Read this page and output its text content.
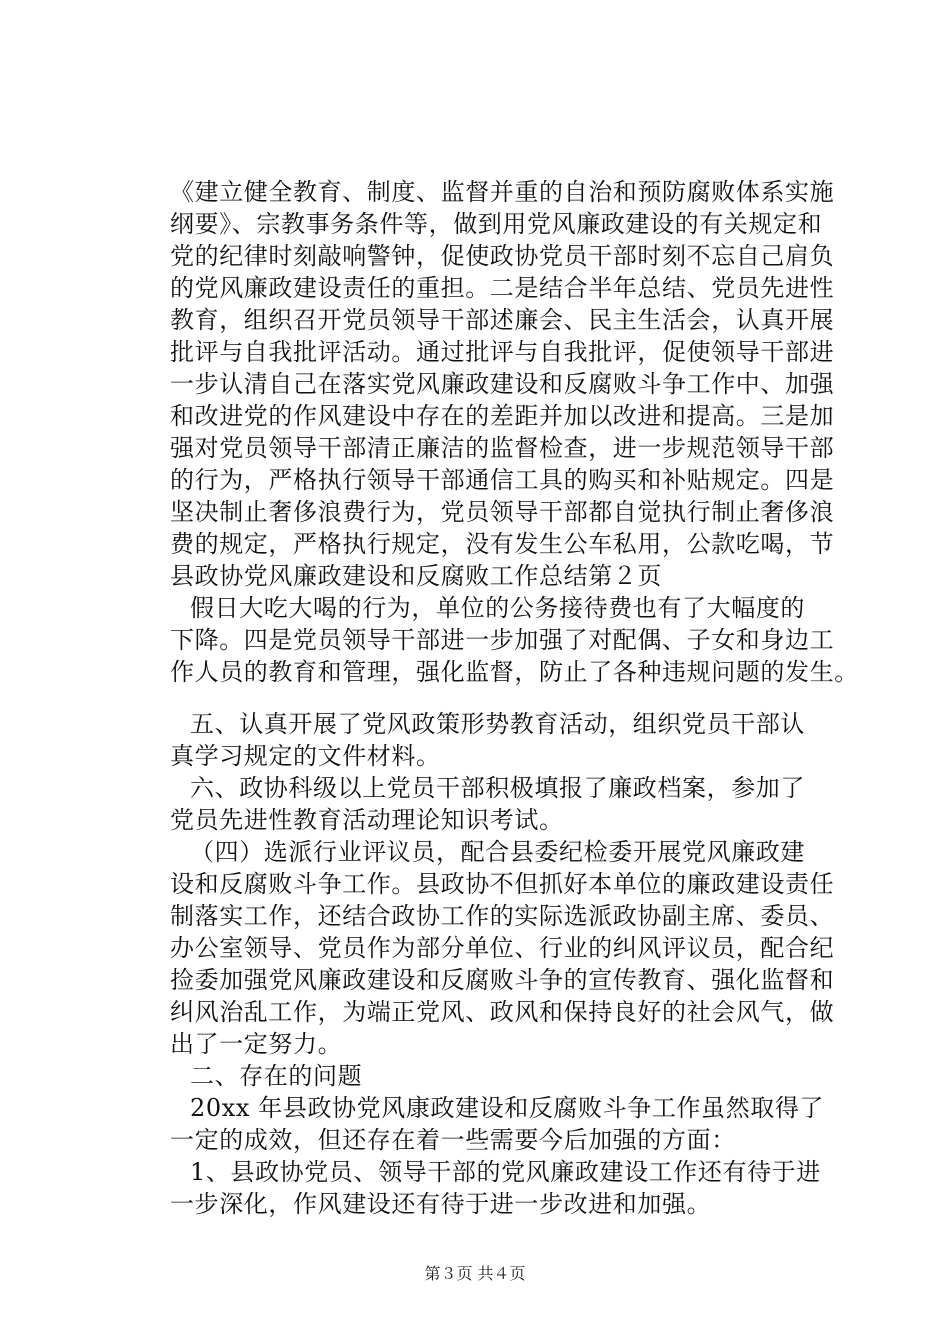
《建立健全教育、制度、监督并重的自治和预防腐败体系实施
纲要》、宗教事务条件等，做到用党风廉政建设的有关规定和
党的纪律时刻敲响警钟，促使政协党员干部时刻不忘自己肩负
的党风廉政建设责任的重担。二是结合半年总结、党员先进性
教育，组织召开党员领导干部述廉会、民主生活会，认真开展
批评与自我批评活动。通过批评与自我批评，促使领导干部进
一步认清自己在落实党风廉政建设和反腐败斗争工作中、加强
和改进党的作风建设中存在的差距并加以改进和提高。三是加
强对党员领导干部清正廉洁的监督检查，进一步规范领导干部
的行为，严格执行领导干部通信工具的购买和补贴规定。四是
坚决制止奢侈浪费行为，党员领导干部都自觉执行制止奢侈浪
费的规定，严格执行规定，没有发生公车私用，公款吃喝，节
县政协党风廉政建设和反腐败工作总结第２页
假日大吃大喝的行为，单位的公务接待费也有了大幅度的
下降。四是党员领导干部进一步加强了对配偶、子女和身边工
作人员的教育和管理，强化监督，防止了各种违规问题的发生。
五、认真开展了党风政策形势教育活动，组织党员干部认
真学习规定的文件材料。
六、政协科级以上党员干部积极填报了廉政档案，参加了
党员先进性教育活动理论知识考试。
（四）选派行业评议员，配合县委纪检委开展党风廉政建
设和反腐败斗争工作。县政协不但抓好本单位的廉政建设责任
制落实工作，还结合政协工作的实际选派政协副主席、委员、
办公室领导、党员作为部分单位、行业的纠风评议员，配合纪
捡委加强党风廉政建设和反腐败斗争的宣传教育、强化监督和
纠风治乱工作，为端正党风、政风和保持良好的社会风气，做
出了一定努力。
二、存在的问题
20xx 年县政协党风康政建设和反腐败斗争工作虽然取得了
一定的成效，但还存在着一些需要今后加强的方面：
1、县政协党员、领导干部的党风廉政建设工作还有待于进
一步深化，作风建设还有待于进一步改进和加强。
第３页 共４页
